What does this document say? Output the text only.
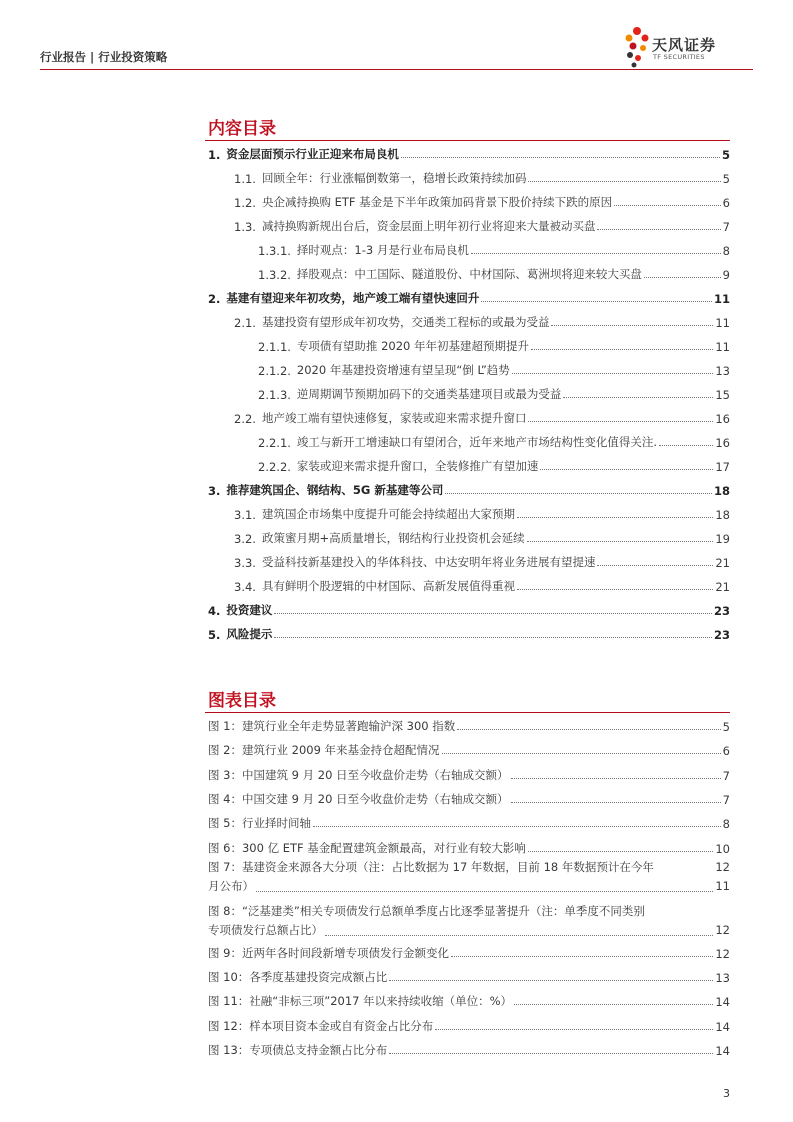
行业报告 | 行业投资策略
天风证券
TF SECURITIES
内容目录
1. 资金层面预示行业正迎来布局良机	5
1.1. 回顾全年：行业涨幅倒数第一，稳增长政策持续加码	5
1.2. 央企减持换购 ETF 基金是下半年政策加码背景下股价持续下跌的原因	6
1.3. 减持换购新规出台后，资金层面上明年初行业将迎来大量被动买盘	7
1.3.1. 择时观点：1-3 月是行业布局良机	8
1.3.2. 择股观点：中工国际、隧道股份、中材国际、葛洲坝将迎来较大买盘	9
2. 基建有望迎来年初攻势，地产竣工端有望快速回升	11
2.1. 基建投资有望形成年初攻势，交通类工程标的或最为受益	11
2.1.1. 专项债有望助推 2020 年年初基建超预期提升	11
2.1.2. 2020 年基建投资增速有望呈现“倒 L”趋势	13
2.1.3. 逆周期调节预期加码下的交通类基建项目或最为受益	15
2.2. 地产竣工端有望快速修复，家装或迎来需求提升窗口	16
2.2.1. 竣工与新开工增速缺口有望闭合，近年来地产市场结构性变化值得关注.	16
2.2.2. 家装或迎来需求提升窗口，全装修推广有望加速	17
3. 推荐建筑国企、钢结构、5G 新基建等公司	18
3.1. 建筑国企市场集中度提升可能会持续超出大家预期	18
3.2. 政策蜜月期+高质量增长，钢结构行业投资机会延续	19
3.3. 受益科技新基建投入的华体科技、中达安明年将业务进展有望提速	21
3.4. 具有鲜明个股逻辑的中材国际、高新发展值得重视	21
4. 投资建议	23
5. 风险提示	23
图表目录
图 1：建筑行业全年走势显著跑输沪深 300 指数	5
图 2：建筑行业 2009 年来基金持仓超配情况	6
图 3：中国建筑 9 月 20 日至今收盘价走势（右轴成交额）	7
图 4：中国交建 9 月 20 日至今收盘价走势（右轴成交额）	7
图 5：行业择时间轴	8
图 6：300 亿 ETF 基金配置建筑金额最高，对行业有较大影响	10
图 7：基建资金来源各大分项（注：占比数据为 17 年数据，目前 18 年数据预计在今年	12
月公布）	11
图 8：“泛基建类”相关专项债发行总额单季度占比逐季显著提升（注：单季度不同类别
专项债发行总额占比）	12
图 9：近两年各时间段新增专项债发行金额变化	12
图 10：各季度基建投资完成额占比	13
图 11：社融“非标三项”2017 年以来持续收缩（单位：%）	14
图 12：样本项目资本金或自有资金占比分布	14
图 13：专项债总支持金额占比分布	14
3
